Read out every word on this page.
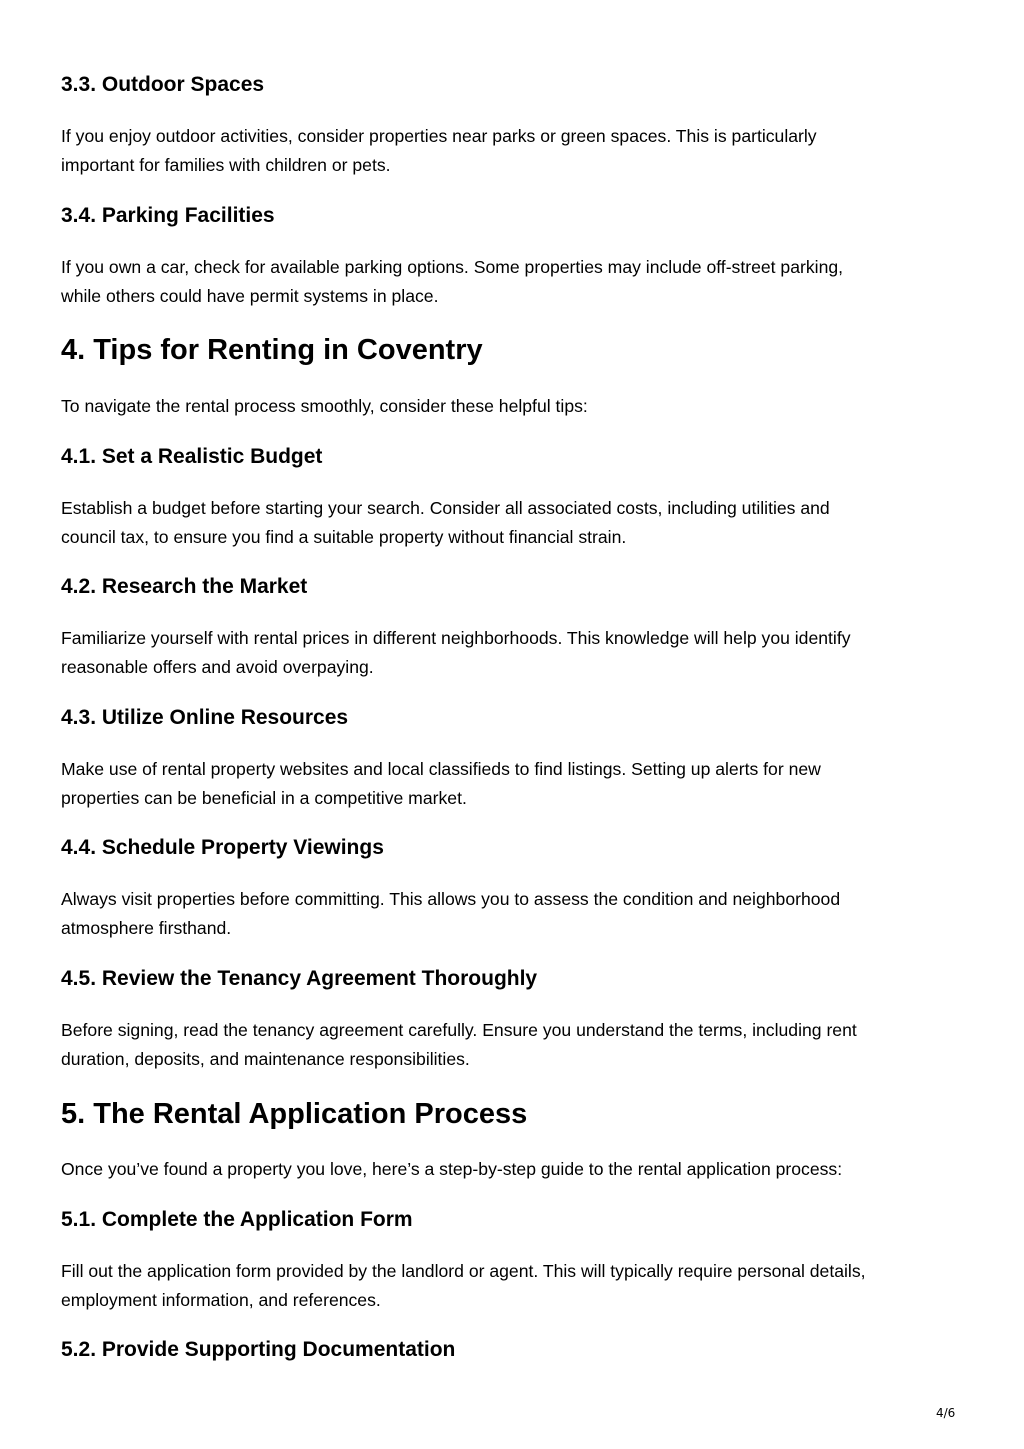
3.3. Outdoor Spaces

If you enjoy outdoor activities, consider properties near parks or green spaces. This is particularly
important for families with children or pets.

3.4. Parking Facilities

If you own a car, check for available parking options. Some properties may include off-street parking,
while others could have permit systems in place.

4. Tips for Renting in Coventry

To navigate the rental process smoothly, consider these helpful tips:

4.1. Set a Realistic Budget

Establish a budget before starting your search. Consider all associated costs, including utilities and
council tax, to ensure you find a suitable property without financial strain.

4.2. Research the Market

Familiarize yourself with rental prices in different neighborhoods. This knowledge will help you identify
reasonable offers and avoid overpaying.

4.3. Utilize Online Resources

Make use of rental property websites and local classifieds to find listings. Setting up alerts for new
properties can be beneficial in a competitive market.

4.4. Schedule Property Viewings

Always visit properties before committing. This allows you to assess the condition and neighborhood
atmosphere firsthand.

4.5. Review the Tenancy Agreement Thoroughly

Before signing, read the tenancy agreement carefully. Ensure you understand the terms, including rent
duration, deposits, and maintenance responsibilities.

5. The Rental Application Process

Once you’ve found a property you love, here’s a step-by-step guide to the rental application process:

5.1. Complete the Application Form

Fill out the application form provided by the landlord or agent. This will typically require personal details,
employment information, and references.

5.2. Provide Supporting Documentation
4/6
